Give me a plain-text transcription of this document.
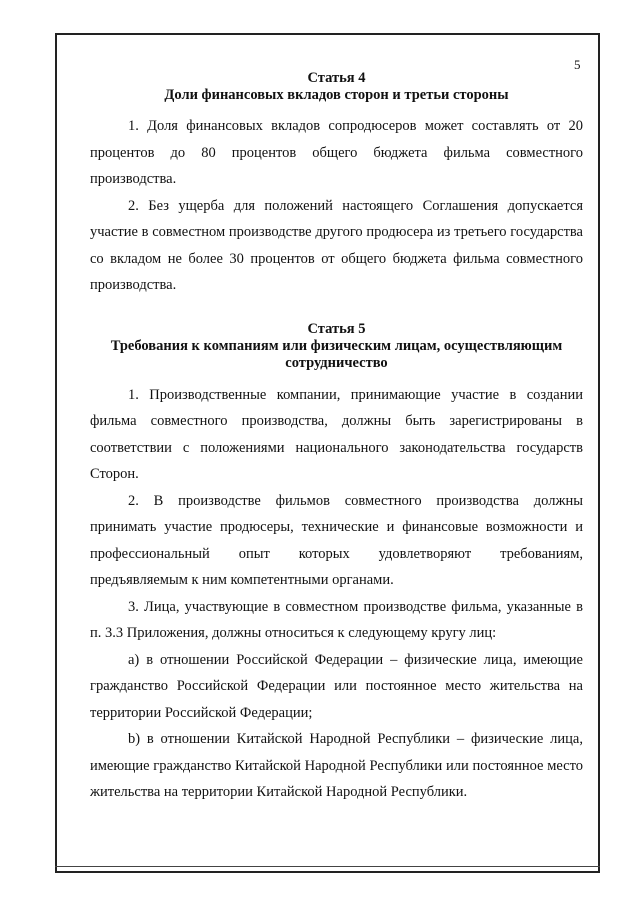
5
Статья 4
Доли финансовых вкладов сторон и третьи стороны

1. Доля финансовых вкладов сопродюсеров может составлять от 20 процентов до 80 процентов общего бюджета фильма совместного производства.

2. Без ущерба для положений настоящего Соглашения допускается участие в совместном производстве другого продюсера из третьего государства со вкладом не более 30 процентов от общего бюджета фильма совместного производства.

Статья 5
Требования к компаниям или физическим лицам, осуществляющим сотрудничество

1. Производственные компании, принимающие участие в создании фильма совместного производства, должны быть зарегистрированы в соответствии с положениями национального законодательства государств Сторон.

2. В производстве фильмов совместного производства должны принимать участие продюсеры, технические и финансовые возможности и профессиональный опыт которых удовлетворяют требованиям, предъявляемым к ним компетентными органами.

3. Лица, участвующие в совместном производстве фильма, указанные в п. 3.3 Приложения, должны относиться к следующему кругу лиц:

a) в отношении Российской Федерации – физические лица, имеющие гражданство Российской Федерации или постоянное место жительства на территории Российской Федерации;

b) в отношении Китайской Народной Республики – физические лица, имеющие гражданство Китайской Народной Республики или постоянное место жительства на территории Китайской Народной Республики.
